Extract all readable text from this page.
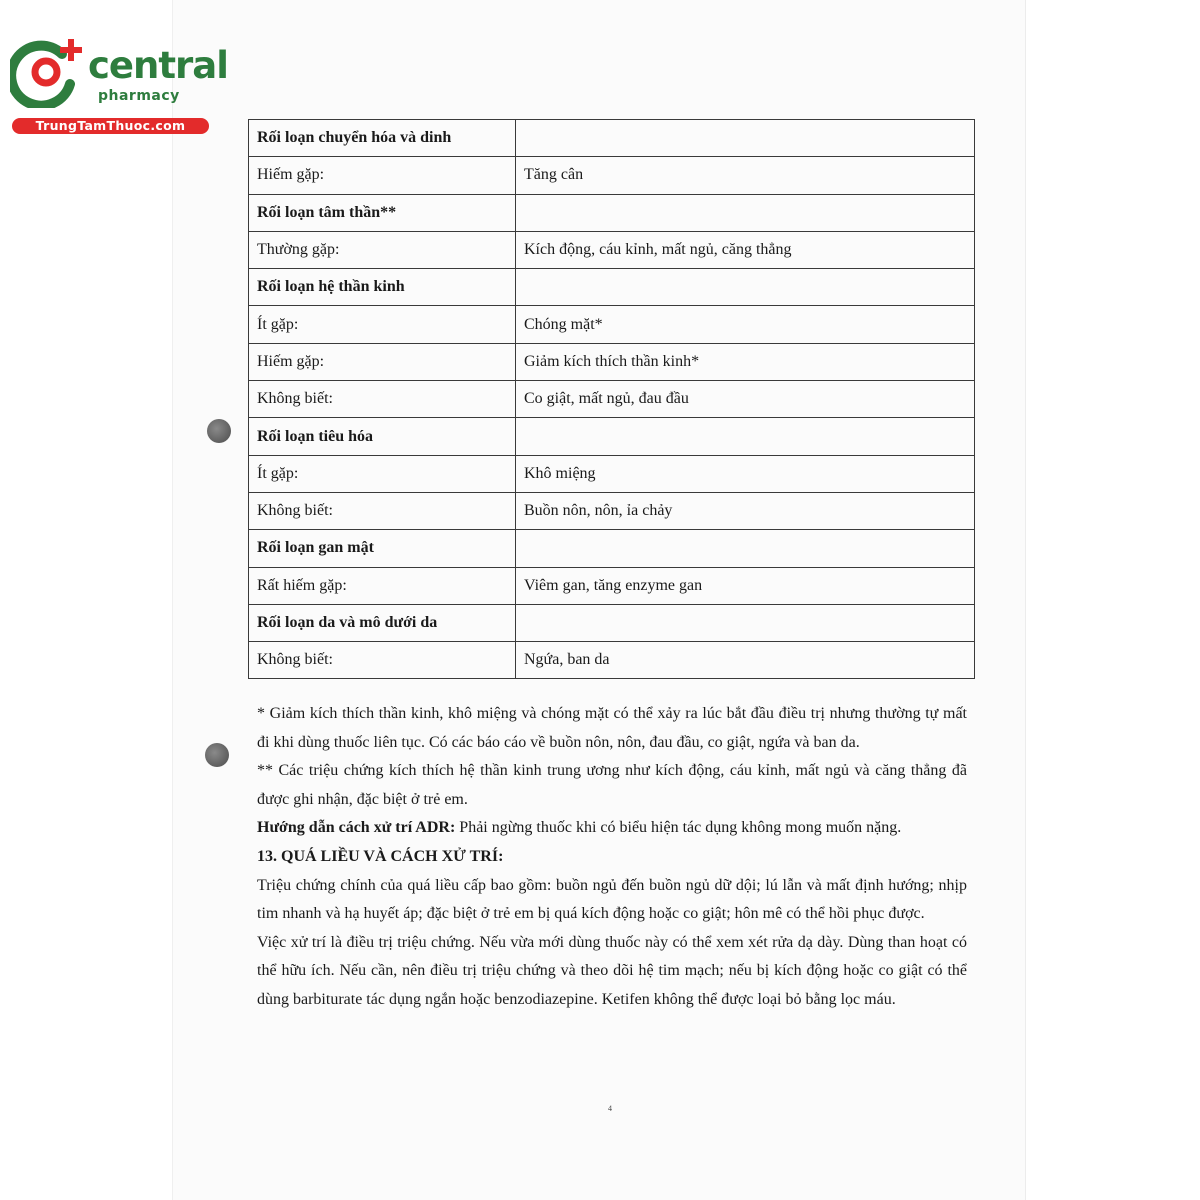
central
pharmacy
TrungTamThuoc.com
Rối loạn chuyển hóa và dinh	
Hiếm gặp:	Tăng cân
Rối loạn tâm thần**	
Thường gặp:	Kích động, cáu kỉnh, mất ngủ, căng thẳng
Rối loạn hệ thần kinh	
Ít gặp:	Chóng mặt*
Hiếm gặp:	Giảm kích thích thần kinh*
Không biết:	Co giật, mất ngủ, đau đầu
Rối loạn tiêu hóa	
Ít gặp:	Khô miệng
Không biết:	Buồn nôn, nôn, ỉa chảy
Rối loạn gan mật	
Rất hiếm gặp:	Viêm gan, tăng enzyme gan
Rối loạn da và mô dưới da	
Không biết:	Ngứa, ban da

* Giảm kích thích thần kinh, khô miệng và chóng mặt có thể xảy ra lúc bắt đầu điều trị nhưng thường tự mất đi khi dùng thuốc liên tục. Có các báo cáo về buồn nôn, nôn, đau đầu, co giật, ngứa và ban da.

** Các triệu chứng kích thích hệ thần kinh trung ương như kích động, cáu kỉnh, mất ngủ và căng thẳng đã được ghi nhận, đặc biệt ở trẻ em.

Hướng dẫn cách xử trí ADR: Phải ngừng thuốc khi có biểu hiện tác dụng không mong muốn nặng.

13. QUÁ LIỀU VÀ CÁCH XỬ TRÍ:

Triệu chứng chính của quá liều cấp bao gồm: buồn ngủ đến buồn ngủ dữ dội; lú lẫn và mất định hướng; nhịp tim nhanh và hạ huyết áp; đặc biệt ở trẻ em bị quá kích động hoặc co giật; hôn mê có thể hồi phục được.

Việc xử trí là điều trị triệu chứng. Nếu vừa mới dùng thuốc này có thể xem xét rửa dạ dày. Dùng than hoạt có thể hữu ích. Nếu cần, nên điều trị triệu chứng và theo dõi hệ tim mạch; nếu bị kích động hoặc co giật có thể dùng barbiturate tác dụng ngắn hoặc benzodiazepine. Ketifen không thể được loại bỏ bằng lọc máu.

4
